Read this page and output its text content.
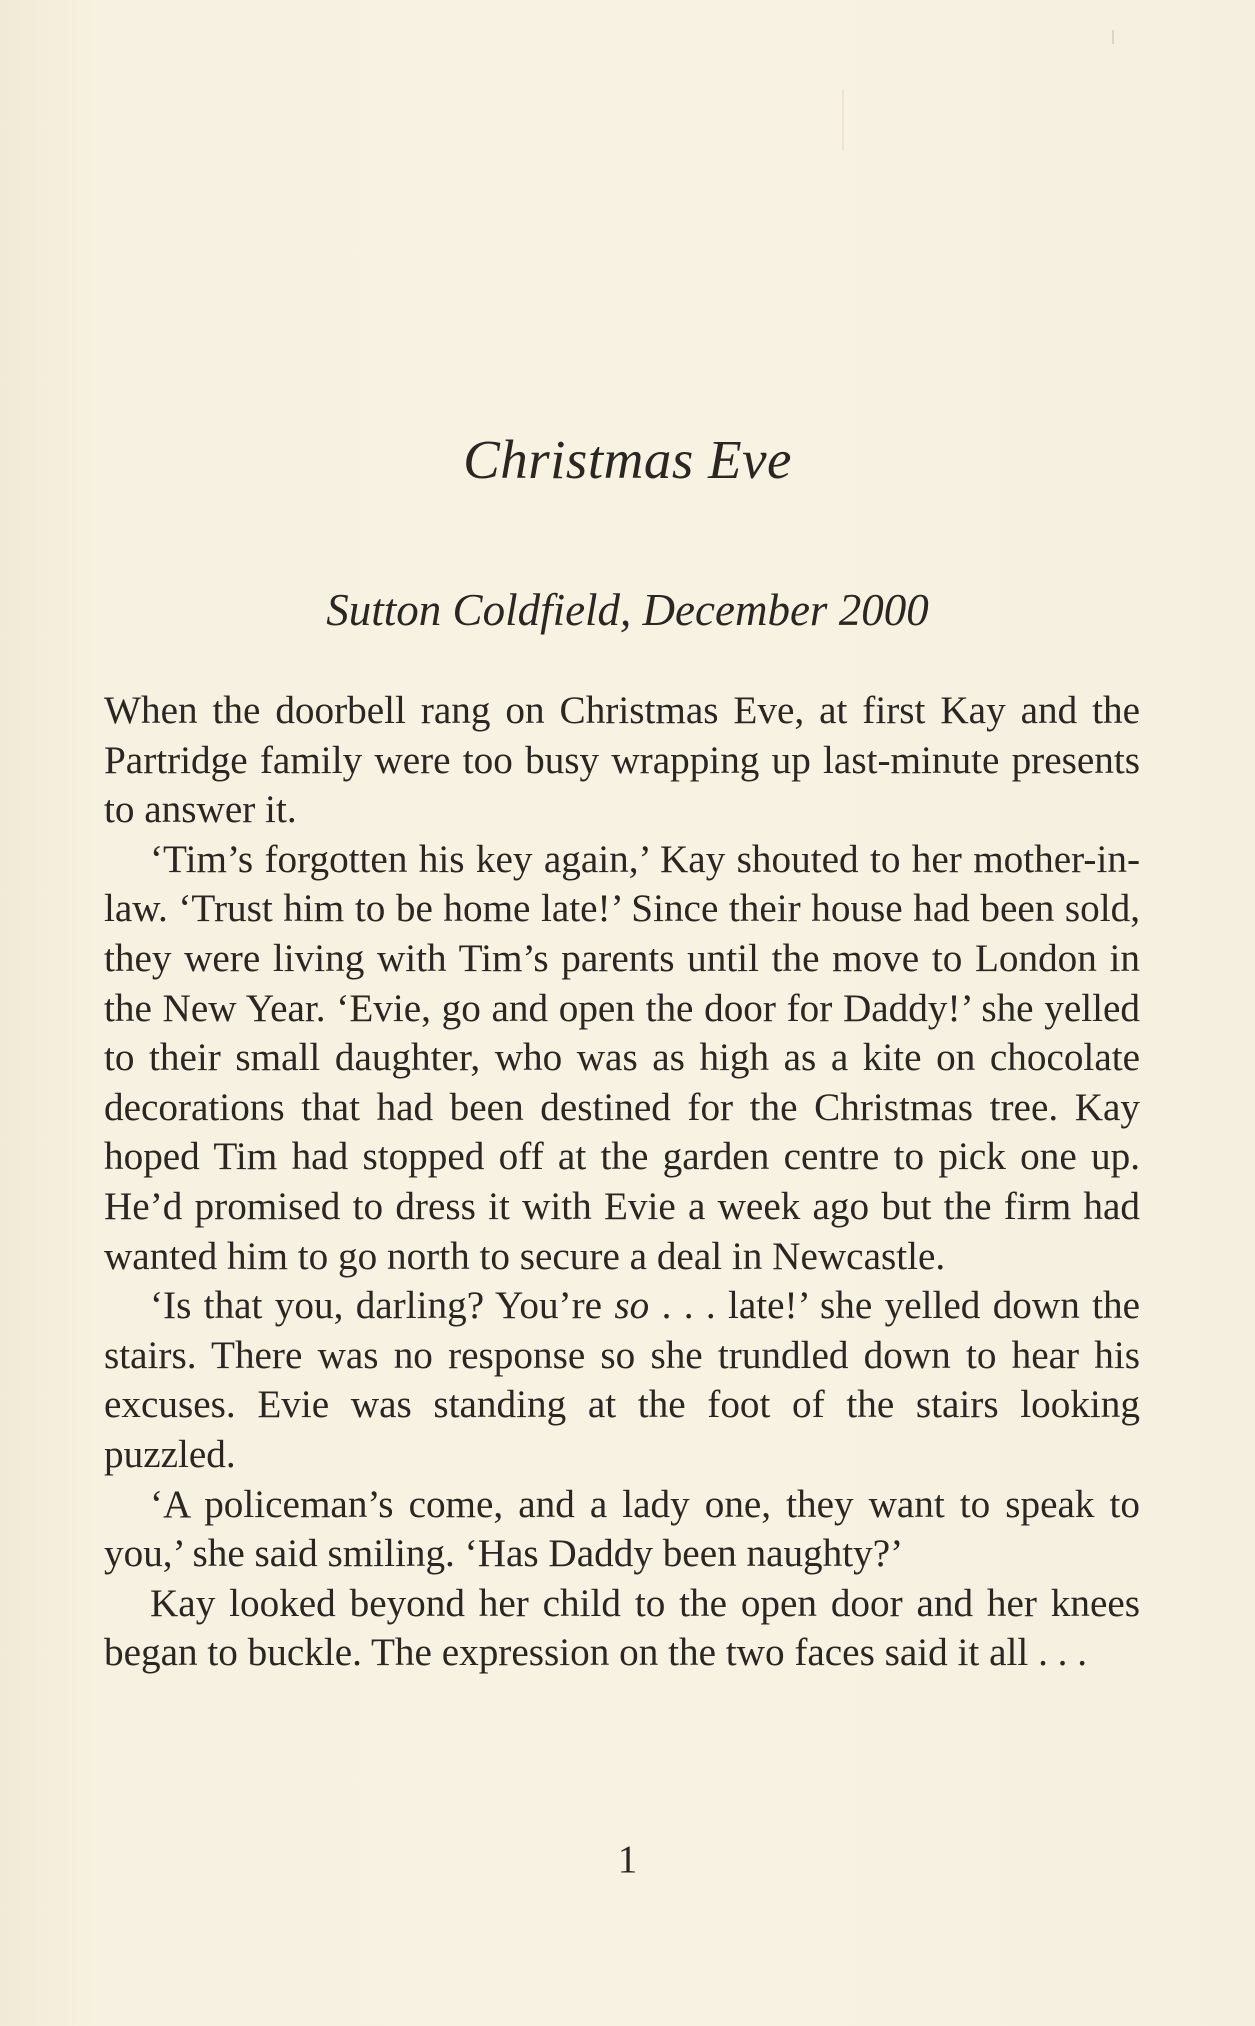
Christmas Eve
Sutton Coldfield, December 2000

When the doorbell rang on Christmas Eve, at first Kay and the Partridge family were too busy wrapping up last-minute presents to answer it.

‘Tim’s forgotten his key again,’ Kay shouted to her mother-in-law. ‘Trust him to be home late!’ Since their house had been sold, they were living with Tim’s parents until the move to London in the New Year. ‘Evie, go and open the door for Daddy!’ she yelled to their small daughter, who was as high as a kite on chocolate decorations that had been destined for the Christmas tree. Kay hoped Tim had stopped off at the garden centre to pick one up. He’d promised to dress it with Evie a week ago but the firm had wanted him to go north to secure a deal in Newcastle.

‘Is that you, darling? You’re so . . . late!’ she yelled down the stairs. There was no response so she trundled down to hear his excuses. Evie was standing at the foot of the stairs looking puzzled.

‘A policeman’s come, and a lady one, they want to speak to you,’ she said smiling. ‘Has Daddy been naughty?’

Kay looked beyond her child to the open door and her knees began to buckle. The expression on the two faces said it all . . .

1
